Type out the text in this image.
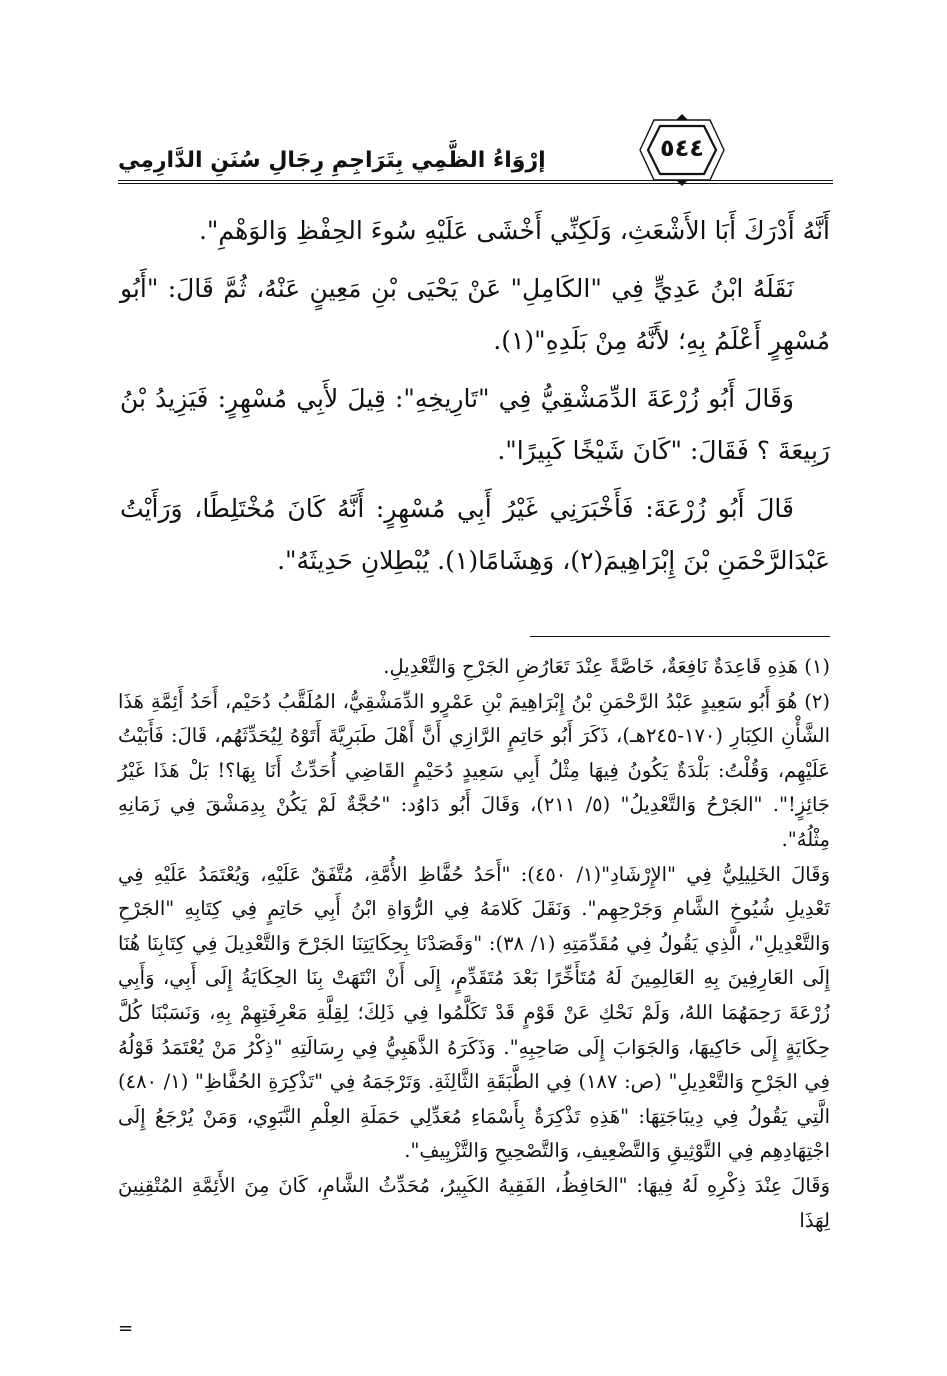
إرْوَاءُ الظَّمِي بِتَرَاجِمِ رِجَالِ سُنَنِ الدَّارِمِي	٥٤٤

أَنَّهُ أَدْرَكَ أَبَا الأَشْعَثِ، وَلَكِنِّي أَخْشَى عَلَيْهِ سُوءَ الحِفْظِ وَالوَهْمِ".

نَقَلَهُ ابْنُ عَدِيٍّ فِي "الكَامِلِ" عَنْ يَحْيَى بْنِ مَعِينٍ عَنْهُ، ثُمَّ قَالَ: "أَبُو مُسْهِرٍ أَعْلَمُ بِهِ؛ لأَنَّهُ مِنْ بَلَدِهِ"(١).

وَقَالَ أَبُو زُرْعَةَ الدِّمَشْقِيُّ فِي "تَارِيخِهِ": قِيلَ لأَبِي مُسْهِرٍ: فَيَزِيدُ بْنُ رَبِيعَةَ ؟ فَقَالَ: "كَانَ شَيْخًا كَبِيرًا".

قَالَ أَبُو زُرْعَةَ: فَأَخْبَرَنِي غَيْرُ أَبِي مُسْهِرٍ: أَنَّهُ كَانَ مُخْتَلِطًا، وَرَأَيْتُ عَبْدَالرَّحْمَنِ بْنَ إِبْرَاهِيمَ(٢)، وَهِشَامًا(١). يُبْطِلانِ حَدِيثَهُ".

(١) هَذِهِ قَاعِدَةٌ نَافِعَةٌ، خَاصَّةً عِنْدَ تَعَارُضِ الجَرْحِ وَالتَّعْدِيلِ.

(٢) هُوَ أَبُو سَعِيدٍ عَبْدُ الرَّحْمَنِ بْنُ إِبْرَاهِيمَ بْنِ عَمْرٍو الدِّمَشْقِيُّ، المُلَقَّبُ دُحَيْم، أَحَدُ أَئِمَّةِ هَذَا الشَّأْنِ الكِبَارِ (١٧٠-٢٤٥هـ)، ذَكَرَ أَبُو حَاتِمٍ الرَّازِي أَنَّ أَهْلَ طَبَرِيَّةَ أَتَوْهُ لِيُحَدِّثَهُم، قَالَ: فَأَبَيْتُ عَلَيْهِم، وَقُلْتُ: بَلْدَةٌ يَكُونُ فِيهَا مِثْلُ أَبِي سَعِيدٍ دُحَيْمٍ القَاضِي أُحَدِّثُ أَنَا بِهَا؟! بَلْ هَذَا غَيْرُ جَائِزٍ!". "الجَرْحُ وَالتَّعْدِيلُ" (٥/ ٢١١)، وَقَالَ أَبُو دَاوُد: "حُجَّةٌ لَمْ يَكُنْ بِدِمَشْقَ فِي زَمَانِهِ مِثْلُهُ".

وَقَالَ الخَلِيلِيُّ فِي "الإِرْشَادِ"(١/ ٤٥٠): "أَحَدُ حُفَّاظِ الأُمَّةِ، مُتَّفَقٌ عَلَيْهِ، وَيُعْتَمَدُ عَلَيْهِ فِي تَعْدِيلِ شُيُوخِ الشَّامِ وَجَرْحِهِم". وَنَقَلَ كَلامَهُ فِي الرُّوَاةِ ابْنُ أَبِي حَاتِمٍ فِي كِتَابِهِ "الجَرْحِ وَالتَّعْدِيلِ"، الَّذِي يَقُولُ فِي مُقَدِّمَتِهِ (١/ ٣٨): "وَقَصَدْنَا بِحِكَايَتِنَا الجَرْحَ وَالتَّعْدِيلَ فِي كِتَابِنَا هُنَا إِلَى العَارِفِينَ بِهِ العَالِمِينَ لَهُ مُتَأَخِّرًا بَعْدَ مُتَقَدِّمٍ، إِلَى أَنْ انْتَهَتْ بِنَا الحِكَايَةُ إِلَى أَبِي، وَأَبِي زُرْعَةَ رَحِمَهُمَا اللهُ، وَلَمْ نَحْكِ عَنْ قَوْمٍ قَدْ تَكَلَّمُوا فِي ذَلِكَ؛ لِقِلَّةِ مَعْرِفَتِهِمْ بِهِ، وَنَسَبْنَا كُلَّ حِكَايَةٍ إِلَى حَاكِيهَا، وَالجَوَابَ إِلَى صَاحِبِهِ". وَذَكَرَهُ الذَّهَبِيُّ فِي رِسَالَتِهِ "ذِكْرُ مَنْ يُعْتَمَدُ قَوْلُهُ فِي الجَرْحِ وَالتَّعْدِيلِ" (ص: ١٨٧) فِي الطَّبَقَةِ الثَّالِثَةِ. وَتَرْجَمَهُ فِي "تَذْكِرَةِ الحُفَّاظِ" (١/ ٤٨٠) الَّتِي يَقُولُ فِي دِيبَاجَتِهَا: "هَذِهِ تَذْكِرَةٌ بِأَسْمَاءِ مُعَدِّلِي حَمَلَةِ العِلْمِ النَّبَوِي، وَمَنْ يُرْجَعُ إِلَى اجْتِهَادِهِم فِي التَّوْثِيقِ وَالتَّضْعِيفِ، وَالتَّصْحِيحِ وَالتَّزْيِيفِ".

وَقَالَ عِنْدَ ذِكْرِهِ لَهُ فِيهَا: "الحَافِظُ، الفَقِيهُ الكَبِيرُ، مُحَدِّثُ الشَّامِ، كَانَ مِنَ الأَئِمَّةِ المُتْقِنِينَ لِهَذَا

=
